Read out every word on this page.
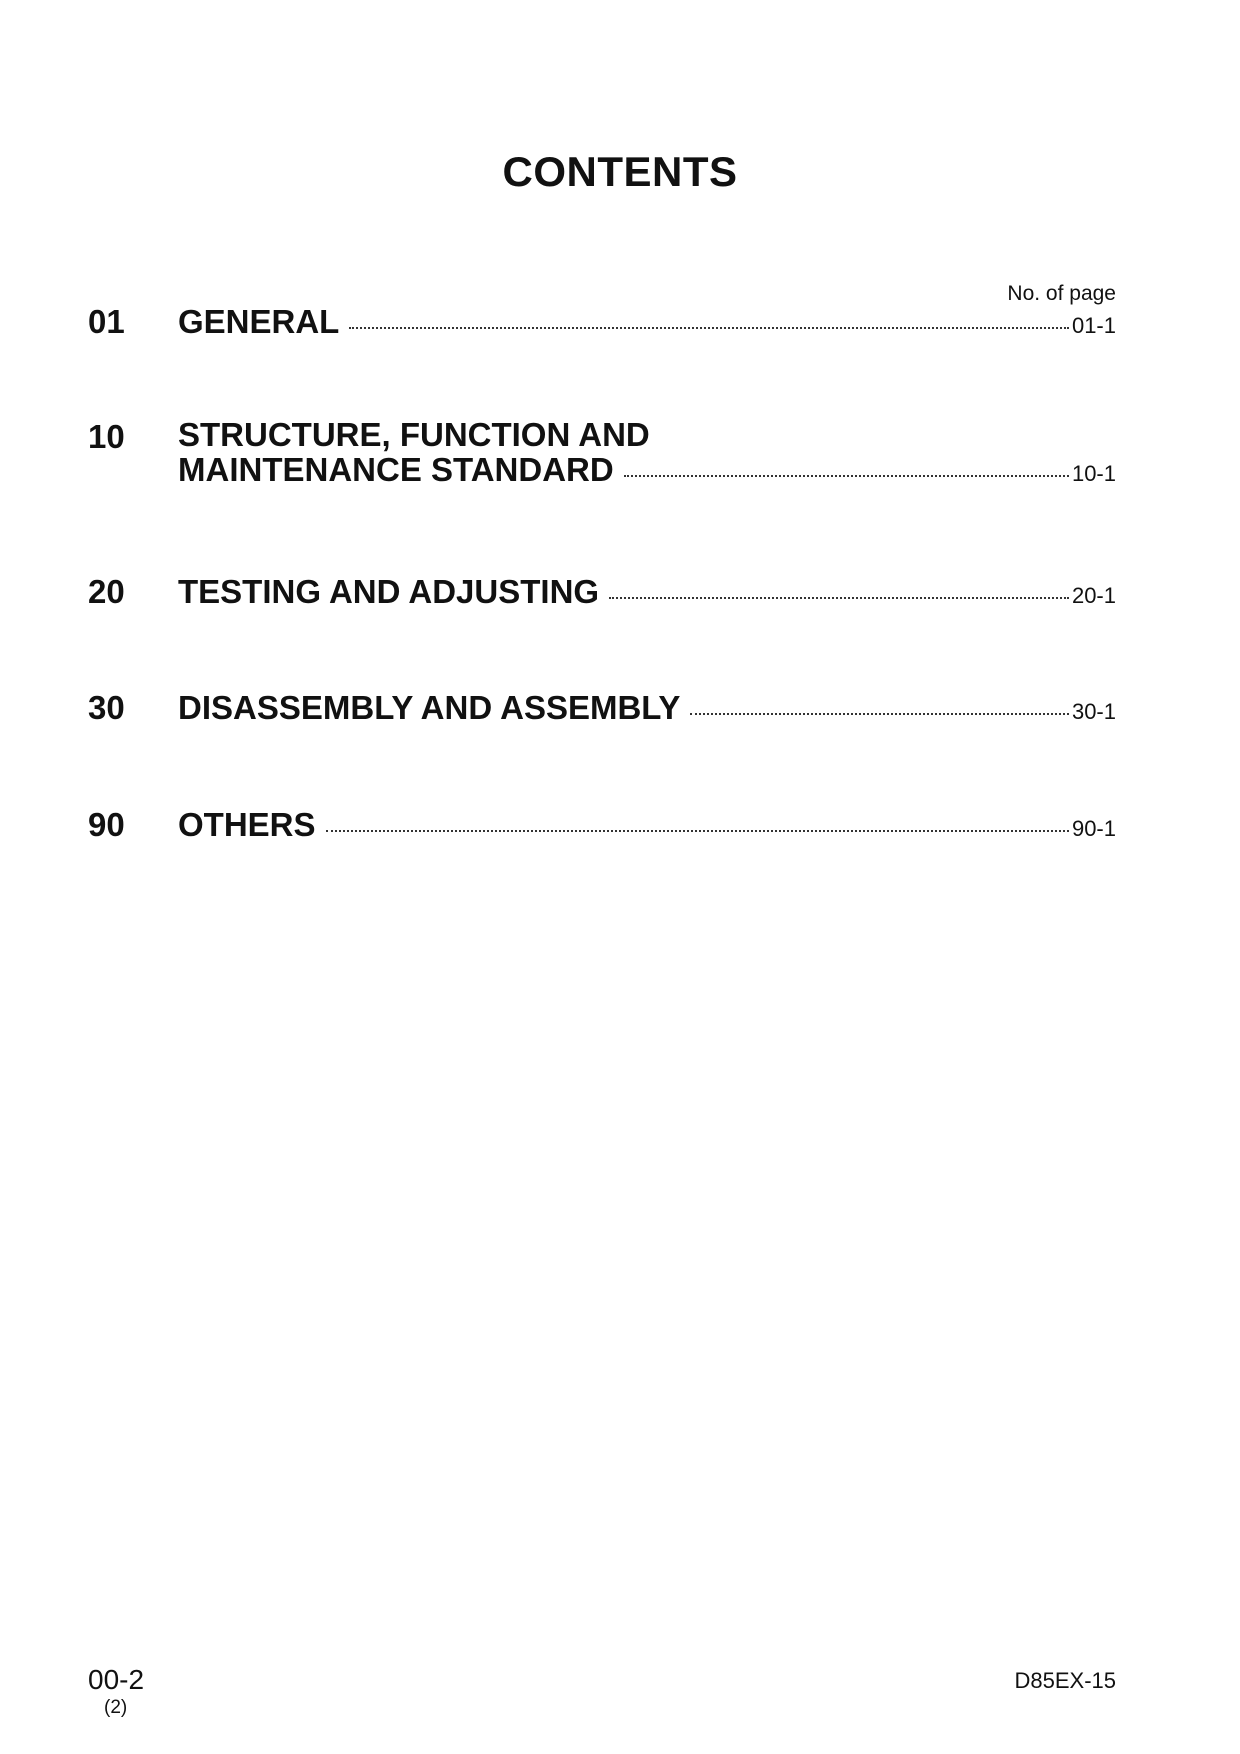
CONTENTS
No. of page
01 GENERAL	01-1
10 STRUCTURE, FUNCTION AND
MAINTENANCE STANDARD	10-1
20 TESTING AND ADJUSTING	20-1
30 DISASSEMBLY AND ASSEMBLY	30-1
90 OTHERS	90-1
00-2
(2)
D85EX-15
